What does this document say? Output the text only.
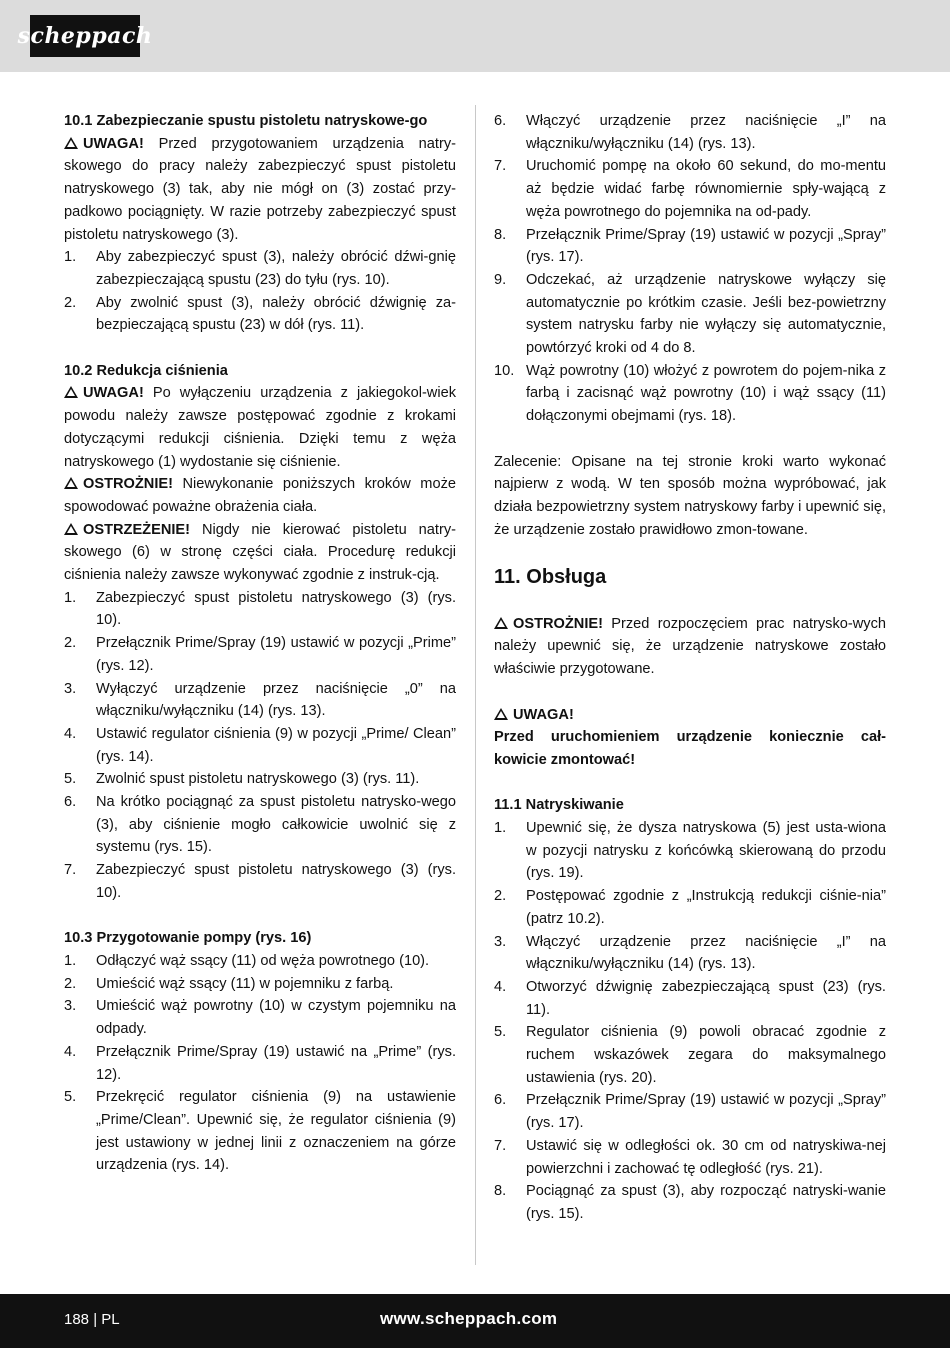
scheppach

10.1 Zabezpieczanie spustu pistoletu natryskowe-go

UWAGA! Przed przygotowaniem urządzenia natry-skowego do pracy należy zabezpieczyć spust pistoletu natryskowego (3) tak, aby nie mógł on (3) zostać przy-padkowo pociągnięty. W razie potrzeby zabezpieczyć spust pistoletu natryskowego (3).

1. Aby zabezpieczyć spust (3), należy obrócić dźwi-gnię zabezpieczającą spustu (23) do tyłu (rys. 10).
2. Aby zwolnić spust (3), należy obrócić dźwignię za-bezpieczającą spustu (23) w dół (rys. 11).

10.2 Redukcja ciśnienia

UWAGA! Po wyłączeniu urządzenia z jakiegokol-wiek powodu należy zawsze postępować zgodnie z krokami dotyczącymi redukcji ciśnienia. Dzięki temu z węża natryskowego (1) wydostanie się ciśnienie.

OSTROŻNIE! Niewykonanie poniższych kroków może spowodować poważne obrażenia ciała.

OSTRZEŻENIE! Nigdy nie kierować pistoletu natry-skowego (6) w stronę części ciała. Procedurę redukcji ciśnienia należy zawsze wykonywać zgodnie z instruk-cją.

1. Zabezpieczyć spust pistoletu natryskowego (3) (rys. 10).
2. Przełącznik Prime/Spray (19) ustawić w pozycji „Prime” (rys. 12).
3. Wyłączyć urządzenie przez naciśnięcie „0” na włączniku/wyłączniku (14) (rys. 13).
4. Ustawić regulator ciśnienia (9) w pozycji „Prime/ Clean” (rys. 14).
5. Zwolnić spust pistoletu natryskowego (3) (rys. 11).
6. Na krótko pociągnąć za spust pistoletu natrysko-wego (3), aby ciśnienie mogło całkowicie uwolnić się z systemu (rys. 15).
7. Zabezpieczyć spust pistoletu natryskowego (3) (rys. 10).

10.3 Przygotowanie pompy (rys. 16)

1. Odłączyć wąż ssący (11) od węża powrotnego (10).
2. Umieścić wąż ssący (11) w pojemniku z farbą.
3. Umieścić wąż powrotny (10) w czystym pojemniku na odpady.
4. Przełącznik Prime/Spray (19) ustawić na „Prime” (rys. 12).
5. Przekręcić regulator ciśnienia (9) na ustawienie „Prime/Clean”. Upewnić się, że regulator ciśnienia (9) jest ustawiony w jednej linii z oznaczeniem na górze urządzenia (rys. 14).
6. Włączyć urządzenie przez naciśnięcie „I” na włączniku/wyłączniku (14) (rys. 13).
7. Uruchomić pompę na około 60 sekund, do mo-mentu aż będzie widać farbę równomiernie spły-wającą z węża powrotnego do pojemnika na od-pady.
8. Przełącznik Prime/Spray (19) ustawić w pozycji „Spray” (rys. 17).
9. Odczekać, aż urządzenie natryskowe wyłączy się automatycznie po krótkim czasie. Jeśli bez-powietrzny system natrysku farby nie wyłączy się automatycznie, powtórzyć kroki od 4 do 8.
10. Wąż powrotny (10) włożyć z powrotem do pojem-nika z farbą i zacisnąć wąż powrotny (10) i wąż ssący (11) dołączonymi obejmami (rys. 18).

Zalecenie: Opisane na tej stronie kroki warto wykonać najpierw z wodą. W ten sposób można wypróbować, jak działa bezpowietrzny system natryskowy farby i upewnić się, że urządzenie zostało prawidłowo zmon-towane.

11. Obsługa

OSTROŻNIE! Przed rozpoczęciem prac natrysko-wych należy upewnić się, że urządzenie natryskowe zostało właściwie przygotowane.

UWAGA!

Przed uruchomieniem urządzenie koniecznie cał-kowicie zmontować!

11.1 Natryskiwanie

1. Upewnić się, że dysza natryskowa (5) jest usta-wiona w pozycji natrysku z końcówką skierowaną do przodu (rys. 19).
2. Postępować zgodnie z „Instrukcją redukcji ciśnie-nia” (patrz 10.2).
3. Włączyć urządzenie przez naciśnięcie „I” na włączniku/wyłączniku (14) (rys. 13).
4. Otworzyć dźwignię zabezpieczającą spust (23) (rys. 11).
5. Regulator ciśnienia (9) powoli obracać zgodnie z ruchem wskazówek zegara do maksymalnego ustawienia (rys. 20).
6. Przełącznik Prime/Spray (19) ustawić w pozycji „Spray” (rys. 17).
7. Ustawić się w odległości ok. 30 cm od natryskiwa-nej powierzchni i zachować tę odległość (rys. 21).
8. Pociągnąć za spust (3), aby rozpocząć natryski-wanie (rys. 15).
188 | PL	www.scheppach.com
